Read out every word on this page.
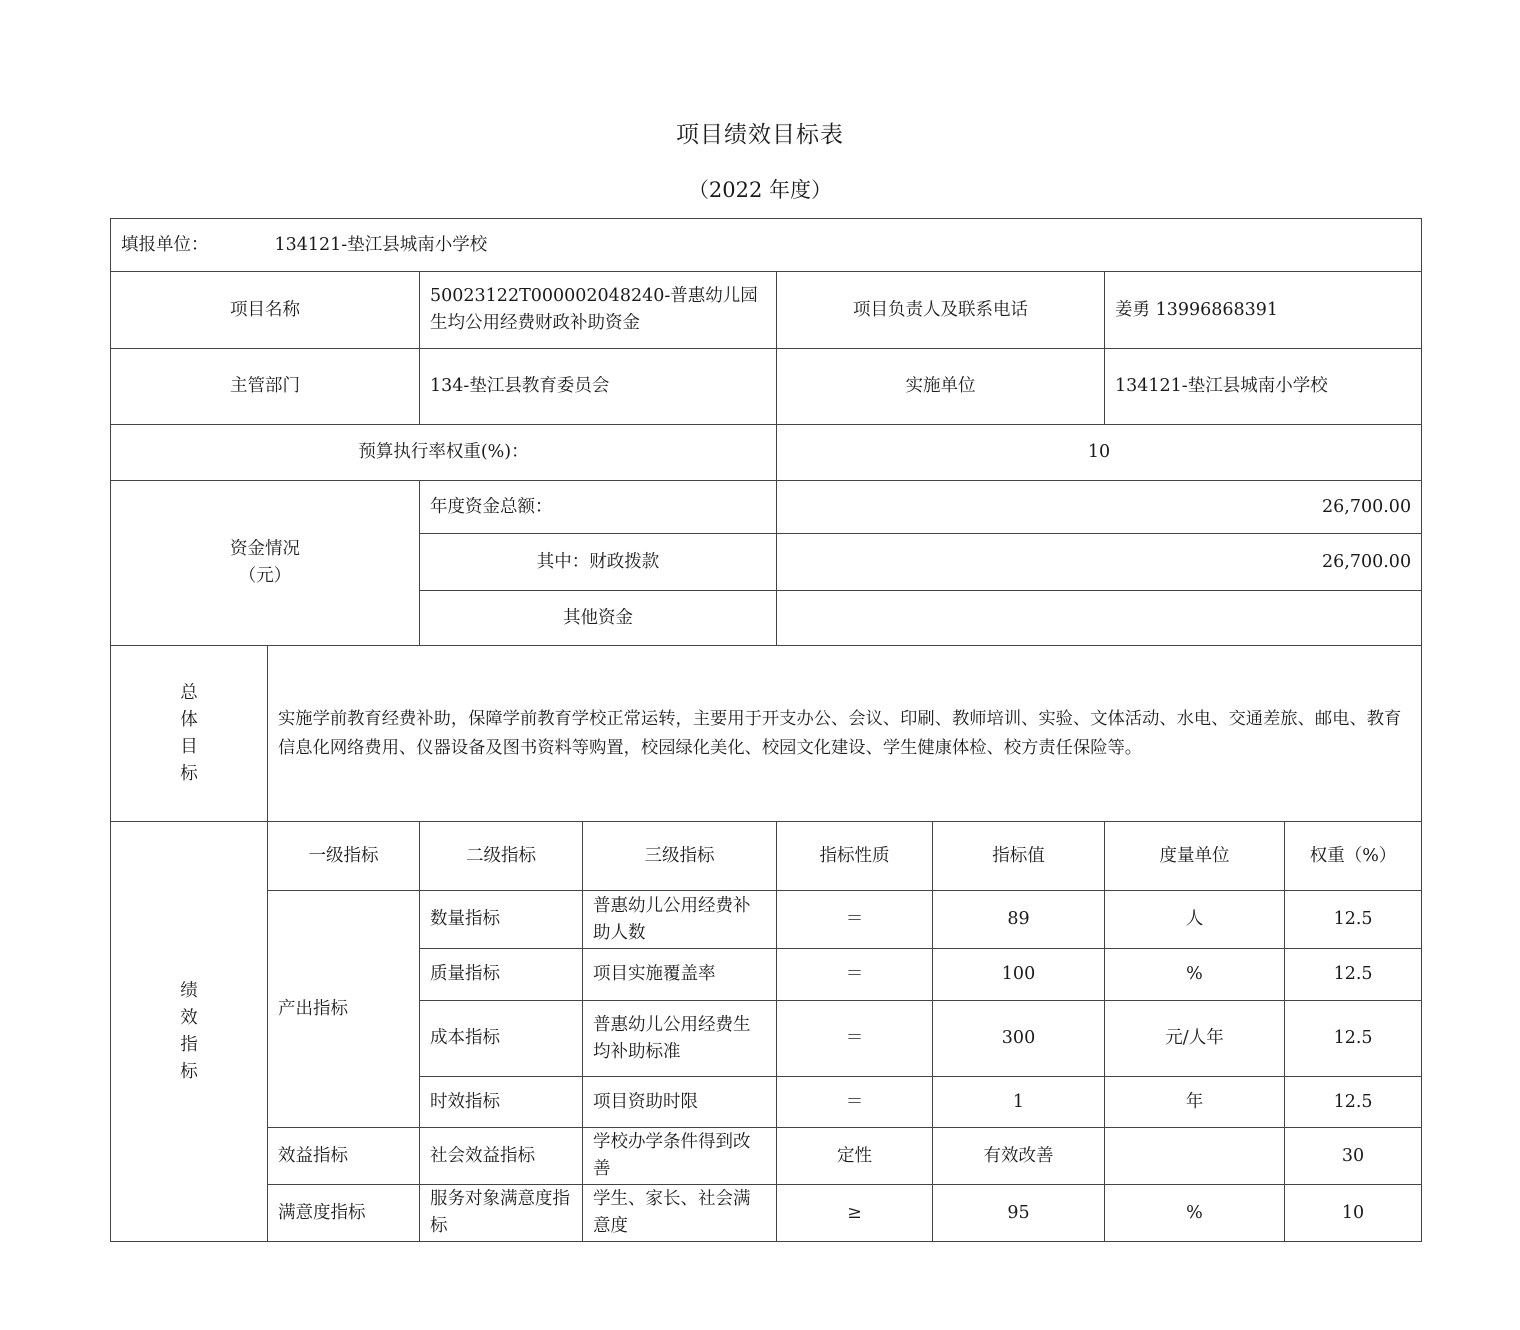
项目绩效目标表
（2022 年度）
填报单位： 134121-垫江县城南小学校							
项目名称		50023122T000002048240-普惠幼儿园生均公用经费财政补助资金		项目负责人及联系电话		姜勇 13996868391	
主管部门		134-垫江县教育委员会		实施单位		134121-垫江县城南小学校	
预算执行率权重(%)：				10			

资金情况
（元）		年度资金总额：		26,700.00			
		其中：财政拨款		26,700.00			
		其他资金					

总
体
目
标	实施学前教育经费补助，保障学前教育学校正常运转，主要用于开支办公、会议、印刷、教师培训、实验、文体活动、水电、交通差旅、邮电、教育信息化网络费用、仪器设备及图书资料等购置，校园绿化美化、校园文化建设、学生健康体检、校方责任保险等。						

绩
效
指
标	一级指标	二级指标	三级指标	指标性质	指标值	度量单位	权重（%）
	产出指标	数量指标	普惠幼儿公用经费补助人数	＝	89	人	12.5
		质量指标	项目实施覆盖率	＝	100	%	12.5
		成本指标	普惠幼儿公用经费生均补助标准	＝	300	元/人年	12.5
		时效指标	项目资助时限	＝	1	年	12.5
	效益指标	社会效益指标	学校办学条件得到改善	定性	有效改善		30
	满意度指标	服务对象满意度指标	学生、家长、社会满意度	≥	95	%	10
